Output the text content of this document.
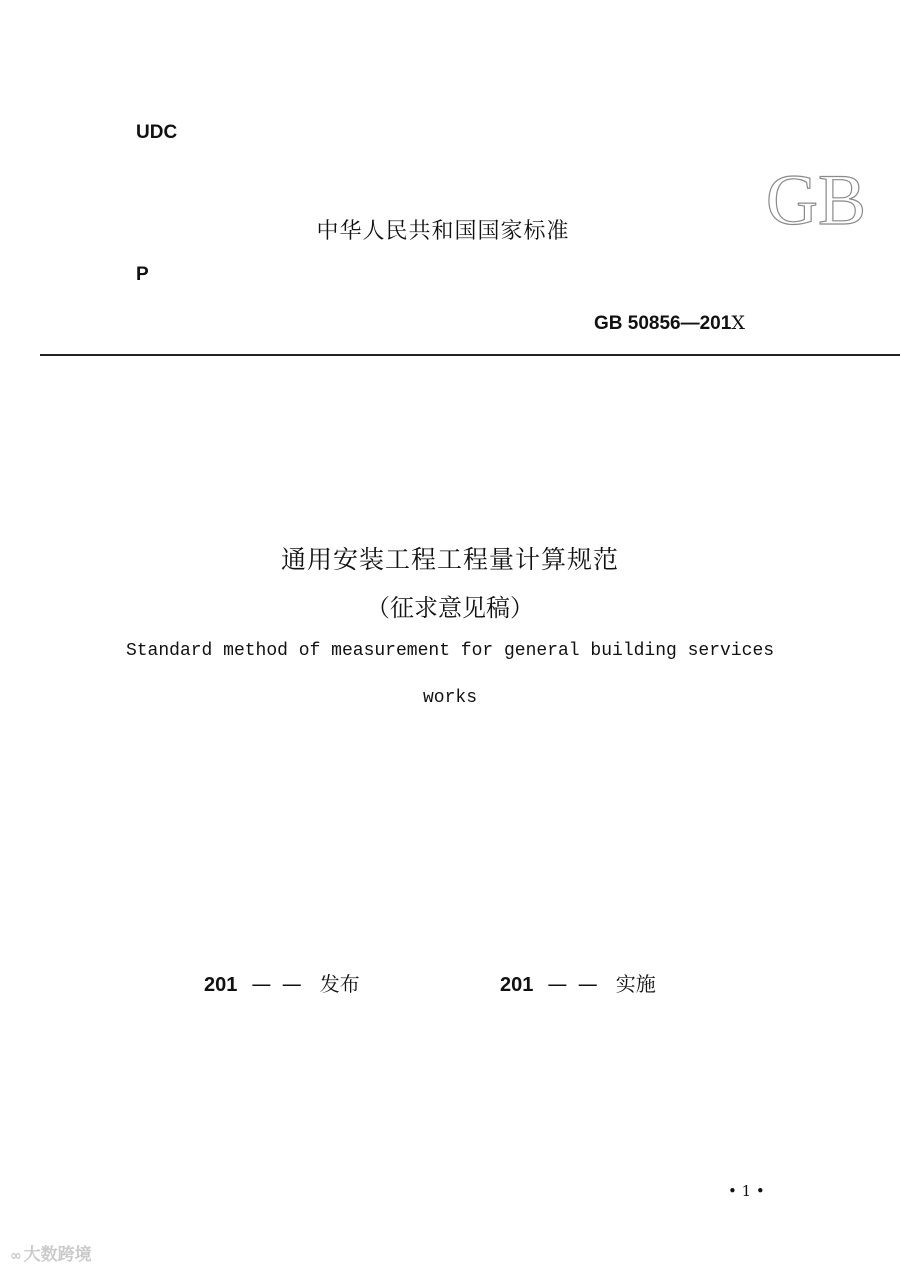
UDC
中华人民共和国国家标准	GB
P
GB 50856—201X
通用安装工程工程量计算规范
（征求意见稿）
Standard method of measurement for general building services
works
201 — — 发布	201 — — 实施
• 1 •
∞ 大数跨境
